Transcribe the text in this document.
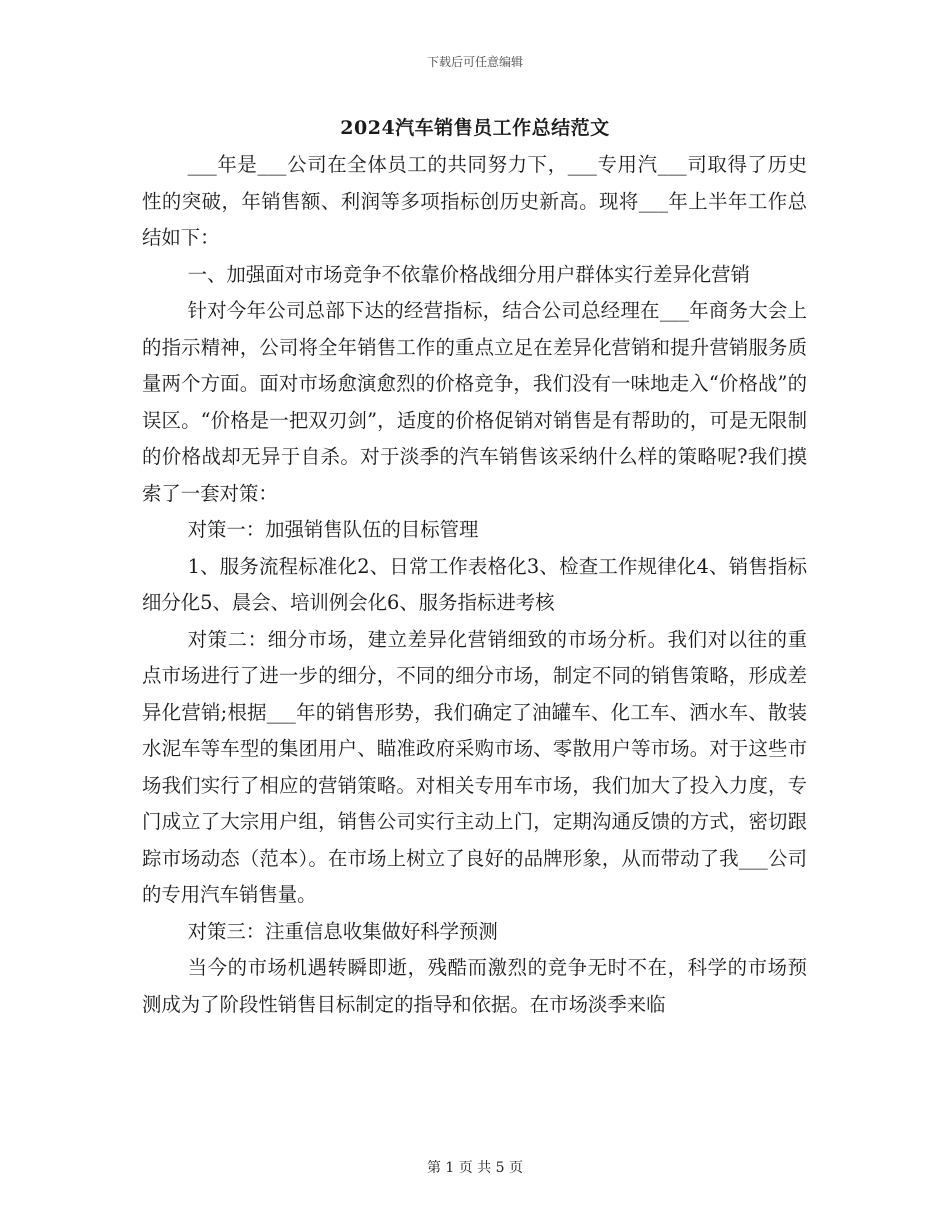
下载后可任意编辑
2024汽车销售员工作总结范文

___年是___公司在全体员工的共同努力下，___专用汽___司取得了历史性的突破，年销售额、利润等多项指标创历史新高。现将___年上半年工作总结如下：

一、加强面对市场竞争不依靠价格战细分用户群体实行差异化营销

针对今年公司总部下达的经营指标，结合公司总经理在___年商务大会上的指示精神，公司将全年销售工作的重点立足在差异化营销和提升营销服务质量两个方面。面对市场愈演愈烈的价格竞争，我们没有一味地走入“价格战”的误区。“价格是一把双刃剑”，适度的价格促销对销售是有帮助的，可是无限制的价格战却无异于自杀。对于淡季的汽车销售该采纳什么样的策略呢?我们摸索了一套对策：

对策一：加强销售队伍的目标管理

1、服务流程标准化2、日常工作表格化3、检查工作规律化4、销售指标细分化5、晨会、培训例会化6、服务指标进考核

对策二：细分市场，建立差异化营销细致的市场分析。我们对以往的重点市场进行了进一步的细分，不同的细分市场，制定不同的销售策略，形成差异化营销;根据___年的销售形势，我们确定了油罐车、化工车、洒水车、散装水泥车等车型的集团用户、瞄准政府采购市场、零散用户等市场。对于这些市场我们实行了相应的营销策略。对相关专用车市场，我们加大了投入力度，专门成立了大宗用户组，销售公司实行主动上门，定期沟通反馈的方式，密切跟踪市场动态（范本）。在市场上树立了良好的品牌形象，从而带动了我___公司的专用汽车销售量。

对策三：注重信息收集做好科学预测

当今的市场机遇转瞬即逝，残酷而激烈的竞争无时不在，科学的市场预测成为了阶段性销售目标制定的指导和依据。在市场淡季来临

第 1 页 共 5 页
